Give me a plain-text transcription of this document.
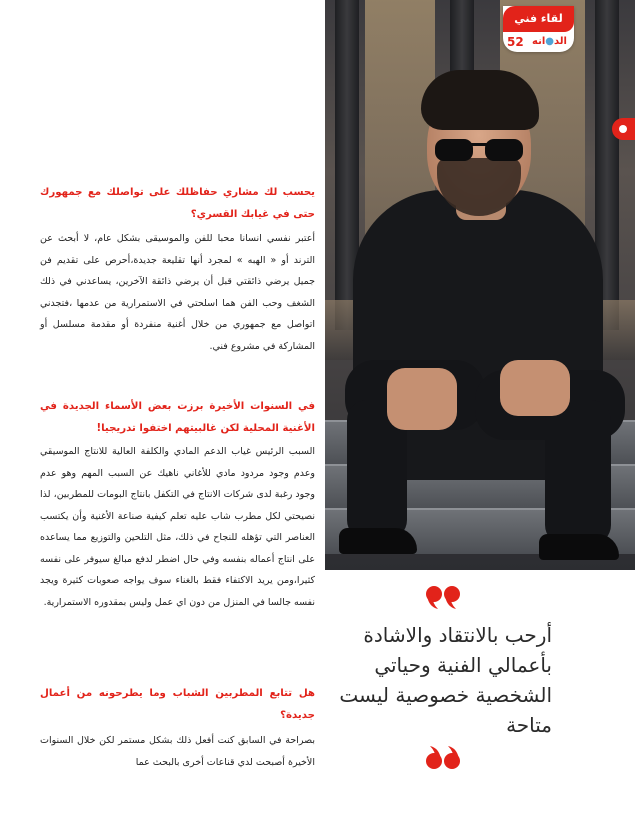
لقاء فني
52	الد●انه

يحسب لك مشاري حفاظلك على تواصلك مع جمهورك حتى في غيابك القسري؟

أعتبر نفسي انسانا محبا للفن والموسيقى بشكل عام، لا أبحث عن الترند أو « الهبه » لمجرد أنها تقليعة جديدة،أحرص على تقديم فن جميل يرضي ذائقتي قبل أن يرضي ذائقة الآخرين، يساعدني في ذلك الشغف وحب الفن هما اسلحتي في الاستمرارية من عدمها ،فتجدني اتواصل مع جمهوري من خلال أغنية منفردة أو مقدمة مسلسل أو المشاركة في مشروع فني.

في السنوات الأخيرة برزت بعض الأسماء الجديدة في الأغنية المحلية لكن غالبيتهم اختفوا تدريجيا!

السبب الرئيس غياب الدعم المادي والكلفة العالية للانتاج الموسيقي وعدم وجود مردود مادي للأغاني ناهيك عن السبب المهم وهو عدم وجود رغبة لدى شركات الانتاج في التكفل بانتاج البومات للمطربين، لذا نصيحتي لكل مطرب شاب عليه تعلم كيفية صناعة الأغنية وأن يكتسب العناصر التي تؤهله للنجاح في ذلك، مثل التلحين والتوزيع مما يساعده على انتاج أعماله بنفسه وفي حال اضطر لدفع مبالغ سيوفر على نفسه كثيرا،ومن يريد الاكتفاء فقط بالغناء سوف يواجه صعوبات كثيرة ويجد نفسه جالسا في المنزل من دون اي عمل وليس بمقدوره الاستمرارية.

هل تتابع المطربين الشباب وما يطرحونه من أعمال جديدة؟

بصراحة في السابق كنت أفعل ذلك بشكل مستمر لكن خلال السنوات الأخيرة أصبحت لدي قناعات أخرى بالبحث عما

أرحب بالانتقاد والاشادة بأعمالي الفنية وحياتي الشخصية خصوصية ليست متاحة
